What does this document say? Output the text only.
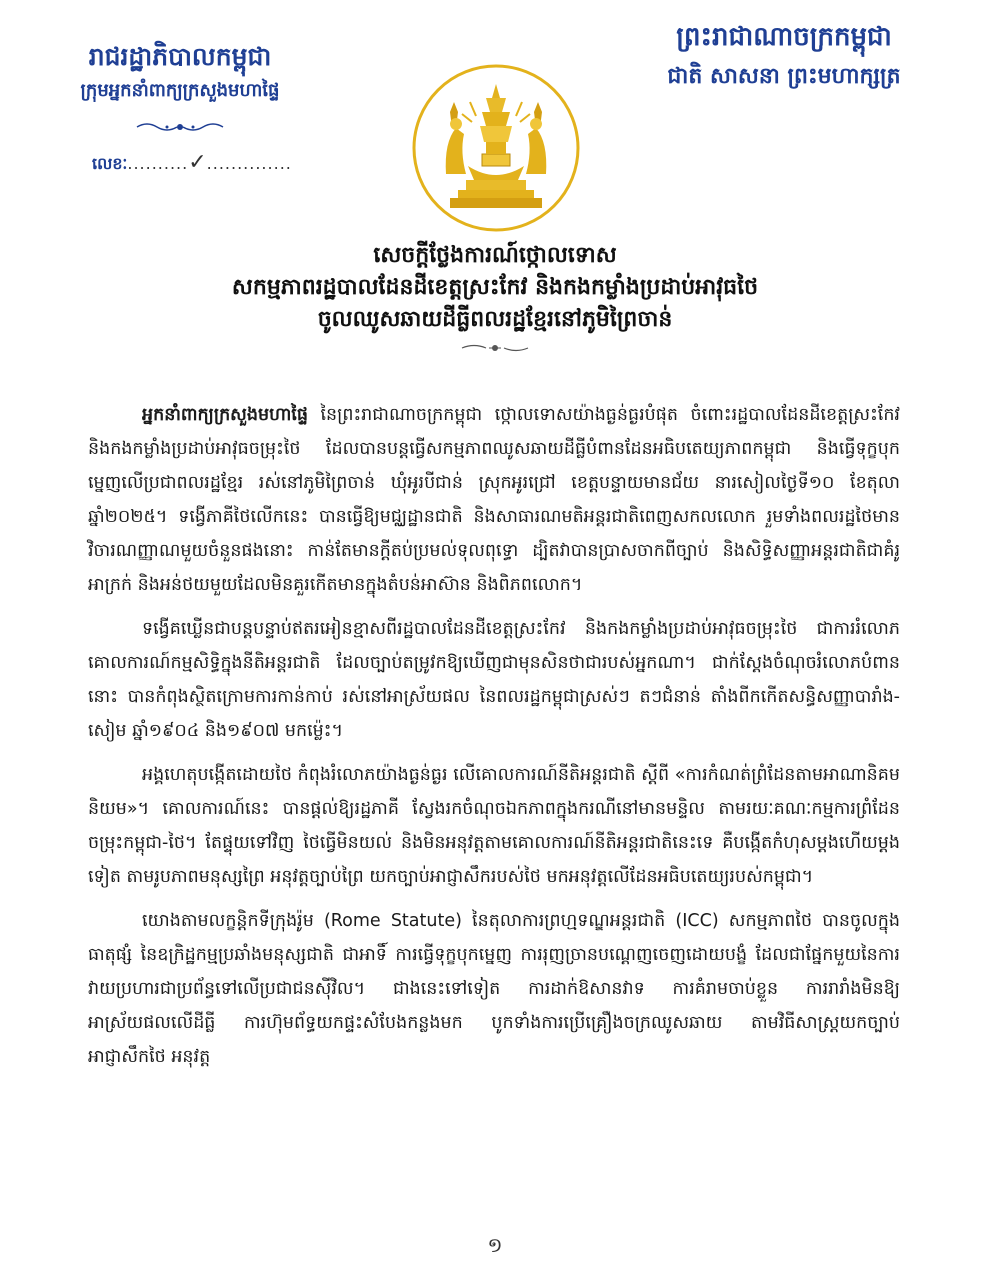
រាជរដ្ឋាភិបាលកម្ពុជា
ក្រុមអ្នកនាំពាក្យក្រសួងមហាផ្ទៃ
លេខៈ..........✓..............
ព្រះរាជាណាចក្រកម្ពុជា
ជាតិ សាសនា ព្រះមហាក្សត្រ
សេចក្តីថ្លែងការណ៍ថ្កោលទោស
សកម្មភាពរដ្ឋបាលដែនដីខេត្តស្រះកែវ និងកងកម្លាំងប្រដាប់អាវុធថៃ
ចូលឈូសឆាយដីធ្លីពលរដ្ឋខ្មែរនៅភូមិព្រៃចាន់

អ្នកនាំពាក្យក្រសួងមហាផ្ទៃ នៃព្រះរាជាណាចក្រកម្ពុជា ថ្កោលទោសយ៉ាងធ្ងន់ធ្ងរបំផុត ចំពោះរដ្ឋបាលដែនដីខេត្តស្រះកែវ និងកងកម្លាំងប្រដាប់អាវុធចម្រុះថៃ ដែលបានបន្តធ្វើសកម្មភាពឈូសឆាយដីធ្លីបំពានដែនអធិបតេយ្យភាពកម្ពុជា និងធ្វើទុក្ខបុកម្នេញលើប្រជាពលរដ្ឋខ្មែរ រស់នៅភូមិព្រៃចាន់ ឃុំអូរបីជាន់ ស្រុកអូរជ្រៅ ខេត្តបន្ទាយមានជ័យ នារសៀលថ្ងៃទី១០ ខែតុលា ឆ្នាំ២០២៥។ ទង្វើភាគីថៃលើកនេះ បានធ្វើឱ្យមជ្ឈដ្ឋានជាតិ និងសាធារណមតិអន្តរជាតិពេញសកលលោក រួមទាំងពលរដ្ឋថៃមានវិចារណញ្ញាណមួយចំនួនផងនោះ កាន់តែមានក្តីតប់ប្រមល់ទុលពុទ្ធោ ដ្បិតវាបានប្រាសចាកពីច្បាប់ និងសិទ្ធិសញ្ញាអន្តរជាតិជាគំរូអាក្រក់ និងអន់ថយមួយដែលមិនគួរកើតមានក្នុងតំបន់អាស៊ាន និងពិភពលោក។

ទង្វើគឃ្លើនជាបន្តបន្ទាប់ឥតរអៀនខ្មាសពីរដ្ឋបាលដែនដីខេត្តស្រះកែវ និងកងកម្លាំងប្រដាប់អាវុធចម្រុះថៃ ជាការរំលោភគោលការណ៍កម្មសិទ្ធិក្នុងនីតិអន្តរជាតិ ដែលច្បាប់តម្រូវកឱ្យឃើញជាមុនសិនថាជារបស់អ្នកណា។ ជាក់ស្តែងចំណុចរំលោភបំពាននោះ បានកំពុងស្ថិតក្រោមការកាន់កាប់ រស់នៅអាស្រ័យផល នៃពលរដ្ឋកម្ពុជាស្រស់ៗ តៗជំនាន់ តាំងពីកកើតសន្ធិសញ្ញាបារាំង-សៀម ឆ្នាំ១៩០៤ និង១៩០៧ មកម្ល៉េះ។

អង្គហេតុបង្កើតដោយថៃ កំពុងរំលោភយ៉ាងធ្ងន់ធ្ងរ លើគោលការណ៍នីតិអន្តរជាតិ ស្តីពី «ការកំណត់ព្រំដែនតាមអាណានិគមនិយម»។ គោលការណ៍នេះ បានផ្តល់ឱ្យរដ្ឋភាគី ស្វែងរកចំណុចឯកភាពក្នុងករណីនៅមានមន្ទិល តាមរយៈគណៈកម្មការព្រំដែនចម្រុះកម្ពុជា-ថៃ។ តែផ្ទុយទៅវិញ ថៃធ្វើមិនយល់ និងមិនអនុវត្តតាមគោលការណ៍នីតិអន្តរជាតិនេះទេ គឺបង្កើតកំហុសម្តងហើយម្តងទៀត តាមរូបភាពមនុស្សព្រៃ អនុវត្តច្បាប់ព្រៃ យកច្បាប់អាជ្ញាសឹករបស់ថៃ មកអនុវត្តលើដែនអធិបតេយ្យរបស់កម្ពុជា។

យោងតាមលក្ខន្តិកទីក្រុងរ៉ូម (Rome Statute) នៃតុលាការព្រហ្មទណ្ឌអន្តរជាតិ (ICC) សកម្មភាពថៃ បានចូលក្នុងធាតុផ្សំ នៃឧក្រិដ្ឋកម្មប្រឆាំងមនុស្សជាតិ ជាអាទិ៍ ការធ្វើទុក្ខបុកម្នេញ ការរុញច្រានបណ្តេញចេញដោយបង្ខំ ដែលជាផ្នែកមួយនៃការវាយប្រហារជាប្រព័ន្ធទៅលើប្រជាជនស៊ីវិល។ ជាងនេះទៅទៀត ការដាក់ឱសានវាទ ការគំរាមចាប់ខ្លួន ការរារាំងមិនឱ្យអាស្រ័យផលលើដីធ្លី ការហ៊ុមព័ទ្ធយកផ្ទះសំបែងកន្លងមក បូកទាំងការប្រើគ្រឿងចក្រឈូសឆាយ តាមវិធីសាស្ត្រយកច្បាប់អាជ្ញាសឹកថៃ អនុវត្ត

១
